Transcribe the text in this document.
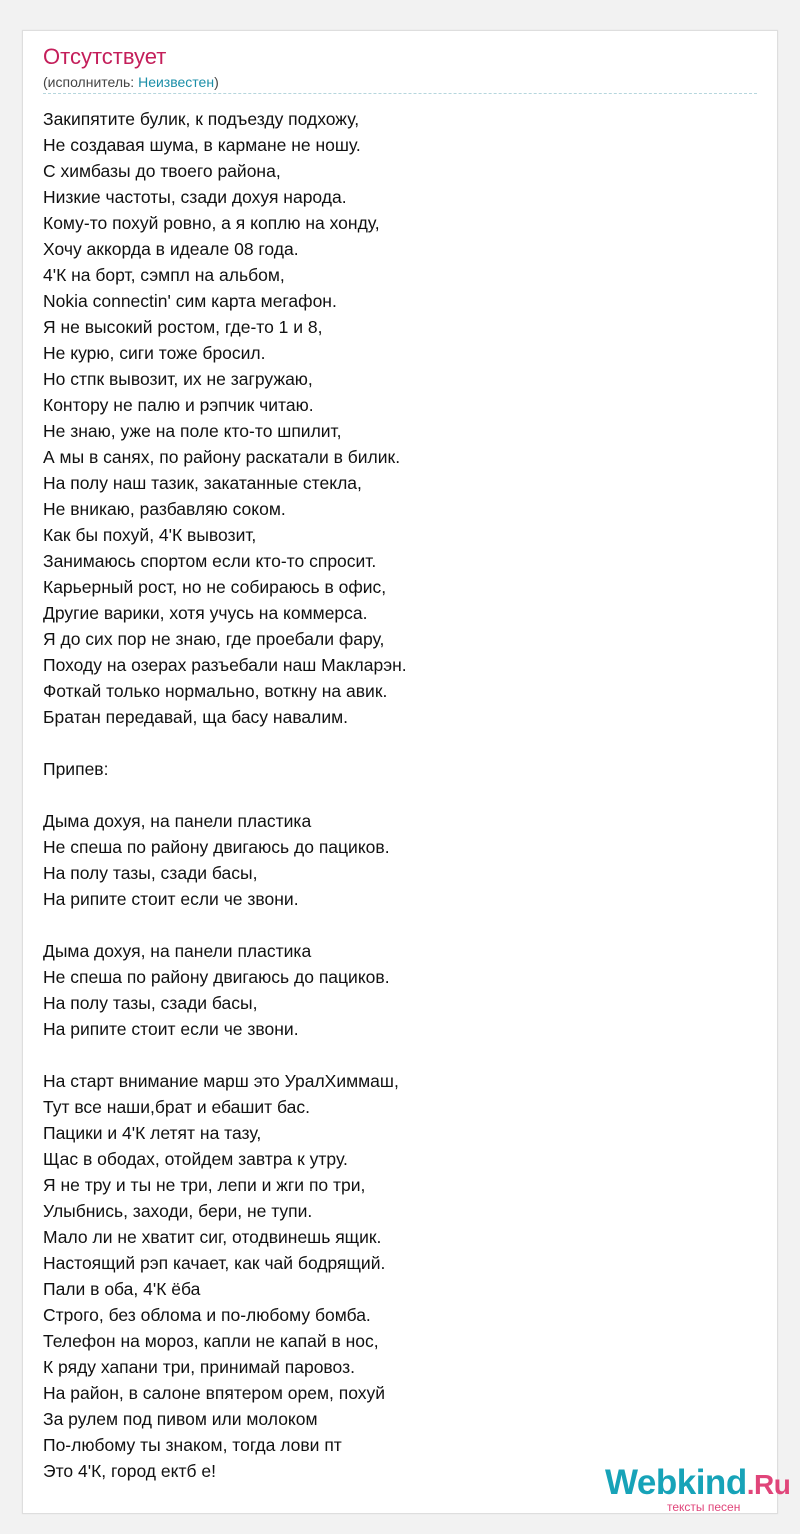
Отсутствует
(исполнитель: Неизвестен)
Закипятите булик, к подъезду подхожу,
Не создавая шума, в кармане не ношу.
С химбазы до твоего района,
Низкие частоты, сзади дохуя народа.
Кому-то похуй ровно, а я коплю на хонду,
Хочу аккорда в идеале 08 года.
4'К на борт, сэмпл на альбом,
Nokia connectin' сим карта мегафон.
Я не высокий ростом, где-то 1 и 8,
Не курю, сиги тоже бросил.
Но стпк вывозит, их не загружаю,
Контору не палю и рэпчик читаю.
Не знаю, уже на поле кто-то шпилит,
А мы в санях, по району раскатали в билик.
На полу наш тазик, закатанные стекла,
Не вникаю, разбавляю соком.
Как бы похуй, 4'К вывозит,
Занимаюсь спортом если кто-то спросит.
Карьерный рост, но не собираюсь в офис,
Другие варики, хотя учусь на коммерса.
Я до сих пор не знаю, где проебали фару,
Походу на озерах разъебали наш Макларэн.
Фоткай только нормально, воткну на авик.
Братан передавай, ща басу навалим.
Припев:
Дыма дохуя, на панели пластика
Не спеша по району двигаюсь до пациков.
На полу тазы, сзади басы,
На рипите стоит если че звони.
Дыма дохуя, на панели пластика
Не спеша по району двигаюсь до пациков.
На полу тазы, сзади басы,
На рипите стоит если че звони.
На старт внимание марш это УралХиммаш,
Тут все наши,брат и ебашит бас.
Пацики и 4'К летят на тазу,
Щас в ободах, отойдем завтра к утру.
Я не тру и ты не три, лепи и жги по три,
Улыбнись, заходи, бери, не тупи.
Мало ли не хватит сиг, отодвинешь ящик.
Настоящий рэп качает, как чай бодрящий.
Пали в оба, 4'К ёба
Строго, без облома и по-любому бомба.
Телефон на мороз, капли не капай в нос,
К ряду хапани три, принимай паровоз.
На район, в салоне впятером орем, похуй
За рулем под пивом или молоком
По-любому ты знаком, тогда лови пт
Это 4'К, город ектб е!	Webkind.Ru
тексты песен
